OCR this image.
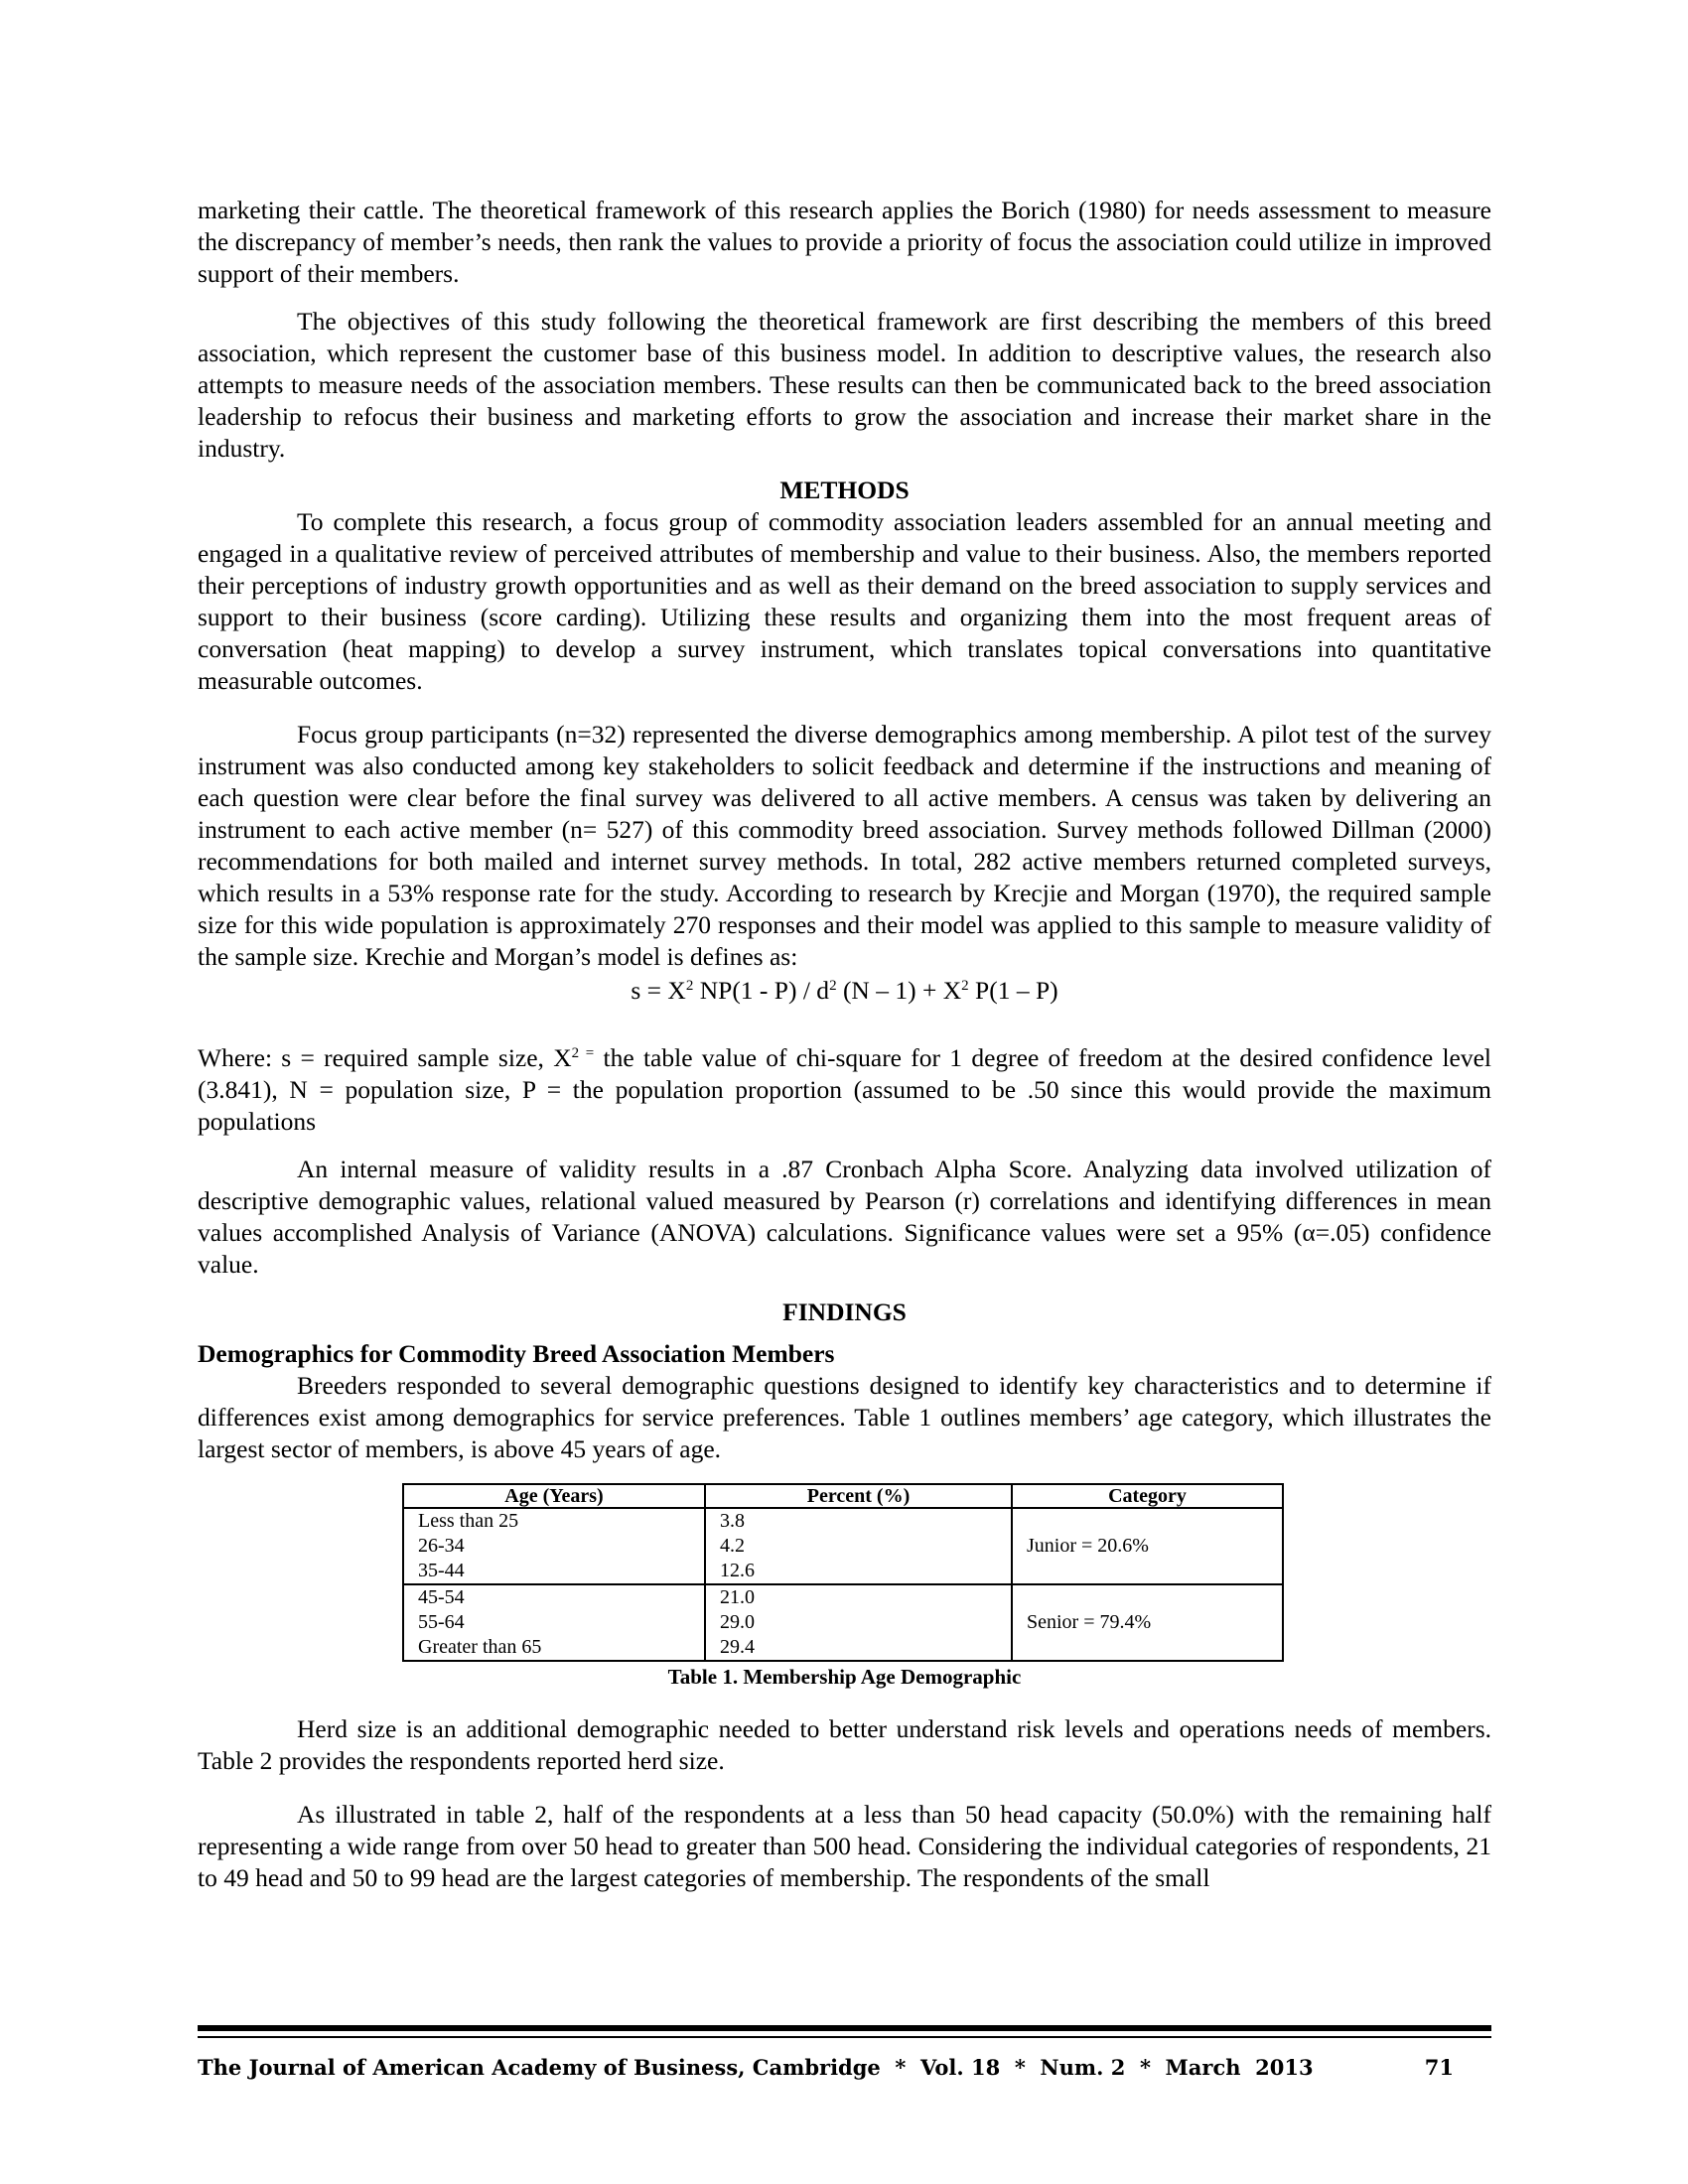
marketing their cattle. The theoretical framework of this research applies the Borich (1980) for needs assessment to measure the discrepancy of member’s needs, then rank the values to provide a priority of focus the association could utilize in improved support of their members.

The objectives of this study following the theoretical framework are first describing the members of this breed association, which represent the customer base of this business model. In addition to descriptive values, the research also attempts to measure needs of the association members. These results can then be communicated back to the breed association leadership to refocus their business and marketing efforts to grow the association and increase their market share in the industry.

METHODS

To complete this research, a focus group of commodity association leaders assembled for an annual meeting and engaged in a qualitative review of perceived attributes of membership and value to their business. Also, the members reported their perceptions of industry growth opportunities and as well as their demand on the breed association to supply services and support to their business (score carding). Utilizing these results and organizing them into the most frequent areas of conversation (heat mapping) to develop a survey instrument, which translates topical conversations into quantitative measurable outcomes.

Focus group participants (n=32) represented the diverse demographics among membership. A pilot test of the survey instrument was also conducted among key stakeholders to solicit feedback and determine if the instructions and meaning of each question were clear before the final survey was delivered to all active members. A census was taken by delivering an instrument to each active member (n= 527) of this commodity breed association. Survey methods followed Dillman (2000) recommendations for both mailed and internet survey methods. In total, 282 active members returned completed surveys, which results in a 53% response rate for the study. According to research by Krecjie and Morgan (1970), the required sample size for this wide population is approximately 270 responses and their model was applied to this sample to measure validity of the sample size. Krechie and Morgan’s model is defines as:

$s = X^2$ $NP(1 - P) / d^2$ $(N - 1) + X^2$ P(1 – P)

Where: s = required sample size, $X^{2 =}$ the table value of chi-square for 1 degree of freedom at the desired confidence level (3.841), N = population size, P = the population proportion (assumed to be .50 since this would provide the maximum populations

An internal measure of validity results in a .87 Cronbach Alpha Score. Analyzing data involved utilization of descriptive demographic values, relational valued measured by Pearson (r) correlations and identifying differences in mean values accomplished Analysis of Variance (ANOVA) calculations. Significance values were set a 95% (α=.05) confidence value.

FINDINGS
Demographics for Commodity Breed Association Members

Breeders responded to several demographic questions designed to identify key characteristics and to determine if differences exist among demographics for service preferences. Table 1 outlines members’ age category, which illustrates the largest sector of members, is above 45 years of age.

Age (Years)	Percent (%)	Category
Less than 25	3.8	Junior = 20.6%
26-34	4.2	
35-44	12.6	
45-54	21.0	Senior = 79.4%
55-64	29.0	
Greater than 65	29.4	
Table 1. Membership Age Demographic

Herd size is an additional demographic needed to better understand risk levels and operations needs of members. Table 2 provides the respondents reported herd size.

As illustrated in table 2, half of the respondents at a less than 50 head capacity (50.0%) with the remaining half representing a wide range from over 50 head to greater than 500 head. Considering the individual categories of respondents, 21 to 49 head and 50 to 99 head are the largest categories of membership. The respondents of the small

The Journal of American Academy of Business, Cambridge  *  Vol. 18  *  Num. 2  *  March  2013	71
